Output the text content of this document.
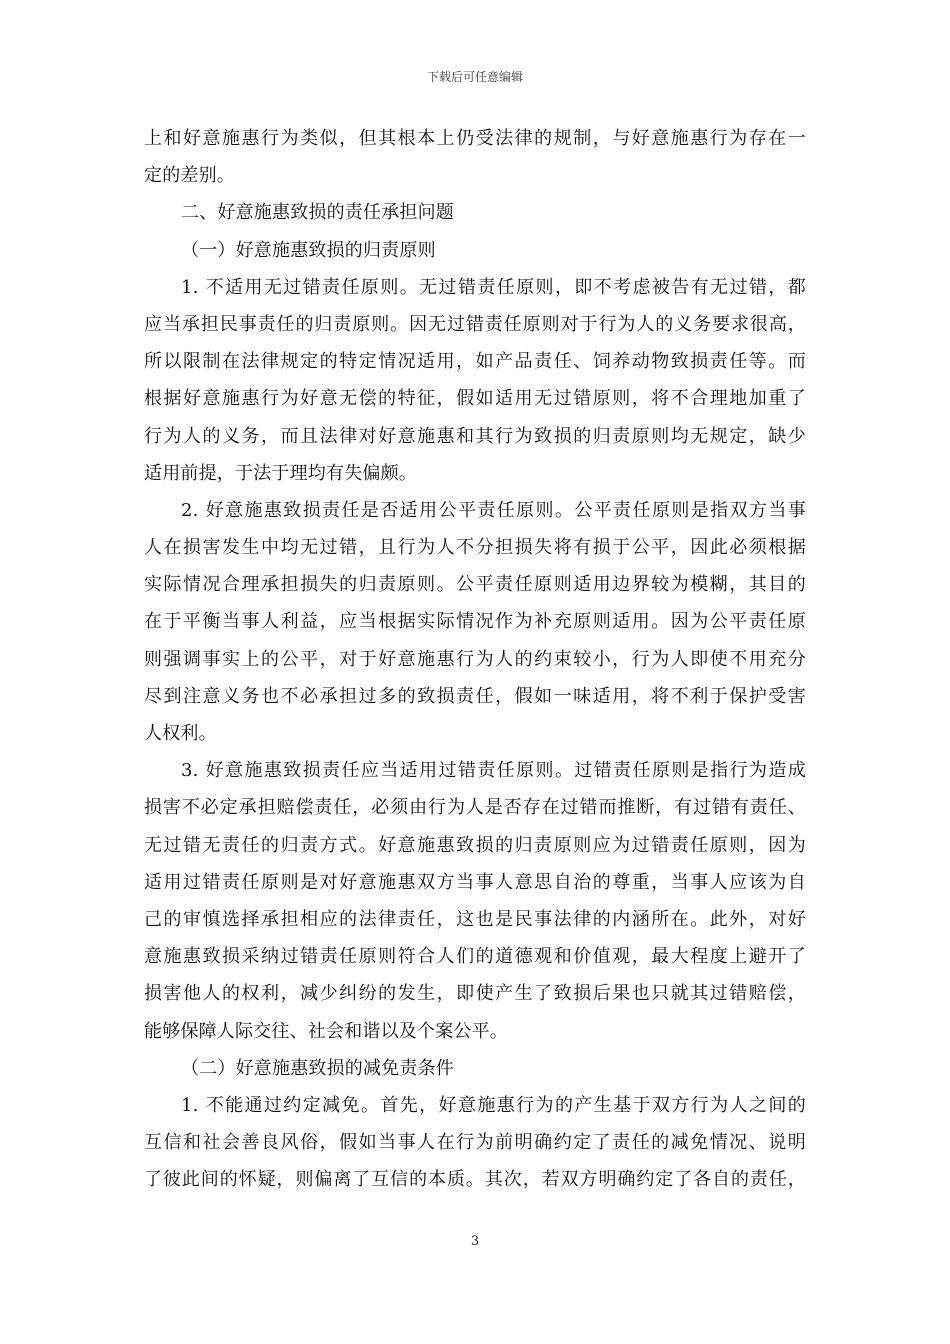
下载后可任意编辑
上和好意施惠行为类似，但其根本上仍受法律的规制，与好意施惠行为存在一
定的差别。
二、好意施惠致损的责任承担问题
（一）好意施惠致损的归责原则
1. 不适用无过错责任原则。无过错责任原则，即不考虑被告有无过错，都
应当承担民事责任的归责原则。因无过错责任原则对于行为人的义务要求很高，
所以限制在法律规定的特定情况适用，如产品责任、饲养动物致损责任等。而
根据好意施惠行为好意无偿的特征，假如适用无过错原则，将不合理地加重了
行为人的义务，而且法律对好意施惠和其行为致损的归责原则均无规定，缺少
适用前提，于法于理均有失偏颇。
2. 好意施惠致损责任是否适用公平责任原则。公平责任原则是指双方当事
人在损害发生中均无过错，且行为人不分担损失将有损于公平，因此必须根据
实际情况合理承担损失的归责原则。公平责任原则适用边界较为模糊，其目的
在于平衡当事人利益，应当根据实际情况作为补充原则适用。因为公平责任原
则强调事实上的公平，对于好意施惠行为人的约束较小，行为人即使不用充分
尽到注意义务也不必承担过多的致损责任，假如一味适用，将不利于保护受害
人权利。
3. 好意施惠致损责任应当适用过错责任原则。过错责任原则是指行为造成
损害不必定承担赔偿责任，必须由行为人是否存在过错而推断，有过错有责任、
无过错无责任的归责方式。好意施惠致损的归责原则应为过错责任原则，因为
适用过错责任原则是对好意施惠双方当事人意思自治的尊重，当事人应该为自
己的审慎选择承担相应的法律责任，这也是民事法律的内涵所在。此外，对好
意施惠致损采纳过错责任原则符合人们的道德观和价值观，最大程度上避开了
损害他人的权利，减少纠纷的发生，即使产生了致损后果也只就其过错赔偿，
能够保障人际交往、社会和谐以及个案公平。
（二）好意施惠致损的减免责条件
1. 不能通过约定减免。首先，好意施惠行为的产生基于双方行为人之间的
互信和社会善良风俗，假如当事人在行为前明确约定了责任的减免情况、说明
了彼此间的怀疑，则偏离了互信的本质。其次，若双方明确约定了各自的责任，
3
